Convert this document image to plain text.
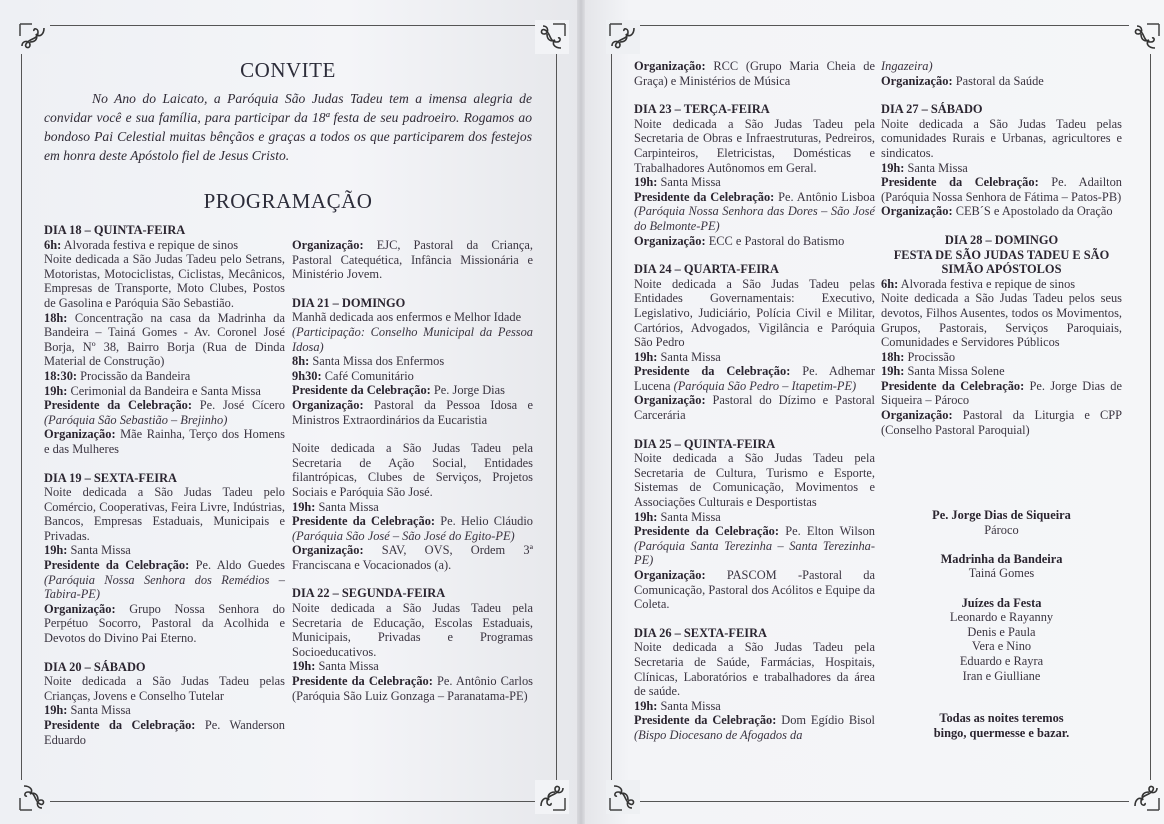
CONVITE

No Ano do Laicato, a Paróquia São Judas Tadeu tem a imensa alegria de convidar você e sua família, para participar da 18ª festa de seu padroeiro. Rogamos ao bondoso Pai Celestial muitas bênçãos e graças a todos os que participarem dos festejos em honra deste Apóstolo fiel de Jesus Cristo.

PROGRAMAÇÃO
DIA 18 – QUINTA-FEIRA
6h: Alvorada festiva e repique de sinos
Noite dedicada a São Judas Tadeu pelo Setrans, Motoristas, Motociclistas, Ciclistas, Mecânicos, Empresas de Transporte, Moto Clubes, Postos de Gasolina e Paróquia São Sebastião.
18h: Concentração na casa da Madrinha da Bandeira – Tainá Gomes - Av. Coronel José Borja, Nº 38, Bairro Borja (Rua de Dinda Material de Construção)
18:30: Procissão da Bandeira
19h: Cerimonial da Bandeira e Santa Missa
Presidente da Celebração: Pe. José Cícero (Paróquia São Sebastião – Brejinho)
Organização: Mãe Rainha, Terço dos Homens e das Mulheres
DIA 19 – SEXTA-FEIRA
Noite dedicada a São Judas Tadeu pelo Comércio, Cooperativas, Feira Livre, Indústrias, Bancos, Empresas Estaduais, Municipais e Privadas.
19h: Santa Missa
Presidente da Celebração: Pe. Aldo Guedes (Paróquia Nossa Senhora dos Remédios – Tabira-PE)
Organização: Grupo Nossa Senhora do Perpétuo Socorro, Pastoral da Acolhida e Devotos do Divino Pai Eterno.
DIA 20 – SÁBADO
Noite dedicada a São Judas Tadeu pelas Crianças, Jovens e Conselho Tutelar
19h: Santa Missa
Presidente da Celebração: Pe. Wanderson Eduardo
Organização: EJC, Pastoral da Criança, Pastoral Catequética, Infância Missionária e Ministério Jovem.
DIA 21 – DOMINGO
Manhã dedicada aos enfermos e Melhor Idade
(Participação: Conselho Municipal da Pessoa Idosa)
8h: Santa Missa dos Enfermos
9h30: Café Comunitário
Presidente da Celebração: Pe. Jorge Dias
Organização: Pastoral da Pessoa Idosa e Ministros Extraordinários da Eucaristia
Noite dedicada a São Judas Tadeu pela Secretaria de Ação Social, Entidades filantrópicas, Clubes de Serviços, Projetos Sociais e Paróquia São José.
19h: Santa Missa
Presidente da Celebração: Pe. Helio Cláudio (Paróquia São José – São José do Egito-PE)
Organização: SAV, OVS, Ordem 3ª Franciscana e Vocacionados (a).
DIA 22 – SEGUNDA-FEIRA
Noite dedicada a São Judas Tadeu pela Secretaria de Educação, Escolas Estaduais, Municipais, Privadas e Programas Socioeducativos.
19h: Santa Missa
Presidente da Celebração: Pe. Antônio Carlos (Paróquia São Luiz Gonzaga – Paranatama-PE)
Organização: RCC (Grupo Maria Cheia de Graça) e Ministérios de Música
DIA 23 – TERÇA-FEIRA
Noite dedicada a São Judas Tadeu pela Secretaria de Obras e Infraestruturas, Pedreiros, Carpinteiros, Eletricistas, Domésticas e Trabalhadores Autônomos em Geral.
19h: Santa Missa
Presidente da Celebração: Pe. Antônio Lisboa (Paróquia Nossa Senhora das Dores – São José do Belmonte-PE)
Organização: ECC e Pastoral do Batismo
DIA 24 – QUARTA-FEIRA
Noite dedicada a São Judas Tadeu pelas Entidades Governamentais: Executivo, Legislativo, Judiciário, Polícia Civil e Militar, Cartórios, Advogados, Vigilância e Paróquia São Pedro
19h: Santa Missa
Presidente da Celebração: Pe. Adhemar Lucena (Paróquia São Pedro – Itapetim-PE)
Organização: Pastoral do Dízimo e Pastoral Carcerária
DIA 25 – QUINTA-FEIRA
Noite dedicada a São Judas Tadeu pela Secretaria de Cultura, Turismo e Esporte, Sistemas de Comunicação, Movimentos e Associações Culturais e Desportistas
19h: Santa Missa
Presidente da Celebração: Pe. Elton Wilson (Paróquia Santa Terezinha – Santa Terezinha-PE)
Organização: PASCOM -Pastoral da Comunicação, Pastoral dos Acólitos e Equipe da Coleta.
DIA 26 – SEXTA-FEIRA
Noite dedicada a São Judas Tadeu pela Secretaria de Saúde, Farmácias, Hospitais, Clínicas, Laboratórios e trabalhadores da área de saúde.
19h: Santa Missa
Presidente da Celebração: Dom Egídio Bisol (Bispo Diocesano de Afogados da
Ingazeira)
Organização: Pastoral da Saúde
DIA 27 – SÁBADO
Noite dedicada a São Judas Tadeu pelas comunidades Rurais e Urbanas, agricultores e sindicatos.
19h: Santa Missa
Presidente da Celebração: Pe. Adailton (Paróquia Nossa Senhora de Fátima – Patos-PB)
Organização: CEB´S e Apostolado da Oração
DIA 28 – DOMINGO
FESTA DE SÃO JUDAS TADEU E SÃO SIMÃO APÓSTOLOS
6h: Alvorada festiva e repique de sinos
Noite dedicada a São Judas Tadeu pelos seus devotos, Filhos Ausentes, todos os Movimentos, Grupos, Pastorais, Serviços Paroquiais, Comunidades e Servidores Públicos
18h: Procissão
19h: Santa Missa Solene
Presidente da Celebração: Pe. Jorge Dias de Siqueira – Pároco
Organização: Pastoral da Liturgia e CPP (Conselho Pastoral Paroquial)
Pe. Jorge Dias de Siqueira
Pároco
Madrinha da Bandeira
Tainá Gomes
Juízes da Festa
Leonardo e Rayanny
Denis e Paula
Vera e Nino
Eduardo e Rayra
Iran e Giulliane
Todas as noites teremos
bingo, quermesse e bazar.
